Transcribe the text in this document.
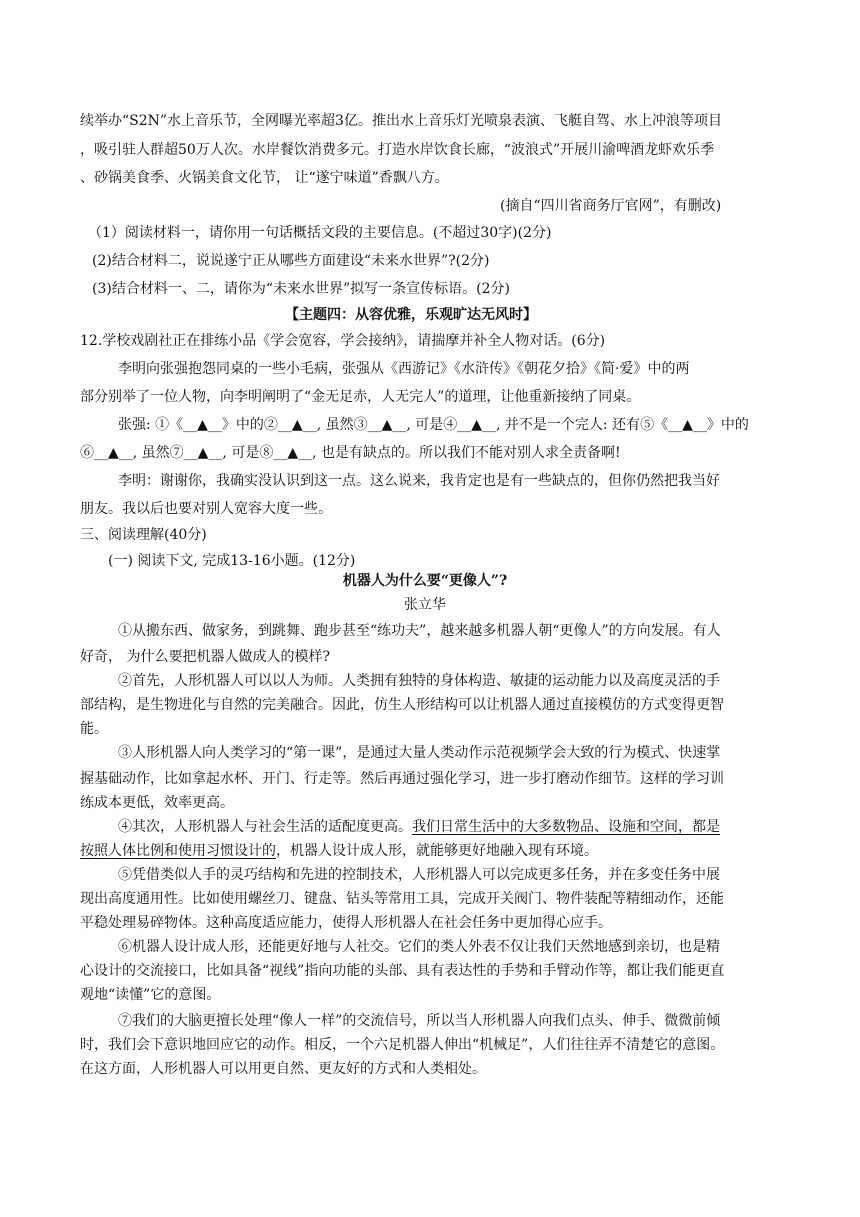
续举办“S2N”水上音乐节，全网曝光率超3亿。推出水上音乐灯光喷泉表演、飞艇自驾、水上冲浪等项目
，吸引驻人群超50万人次。水岸餐饮消费多元。打造水岸饮食长廊，“波浪式”开展川渝啤酒龙虾欢乐季
、砂锅美食季、火锅美食文化节， 让“遂宁味道”香飘八方。
(摘自“四川省商务厅官网”，有删改)
（1）阅读材料一，请你用一句话概括文段的主要信息。(不超过30字)(2分)
(2)结合材料二，说说遂宁正从哪些方面建设“未来水世界”?(2分)
(3)结合材料一、二，请你为“未来水世界”拟写一条宣传标语。(2分)
【主题四：从容优雅，乐观旷达无风时】
12.学校戏剧社正在排练小品《学会宽容，学会接纳》，请揣摩并补全人物对话。(6分)
李明向张强抱怨同桌的一些小毛病，张强从《西游记》《水浒传》《朝花夕拾》《简·爱》中的两
部分别举了一位人物，向李明阐明了“金无足赤，人无完人”的道理，让他重新接纳了同桌。
张强: ①《__▲__》中的②__▲__, 虽然③__▲__, 可是④__▲__, 并不是一个完人: 还有⑤《__▲__》中的
⑥__▲__, 虽然⑦__▲__, 可是⑧__▲__, 也是有缺点的。所以我们不能对别人求全责备啊!
李明：谢谢你，我确实没认识到这一点。这么说来，我肯定也是有一些缺点的，但你仍然把我当好
朋友。我以后也要对别人宽容大度一些。
三、阅读理解(40分)
(一) 阅读下文, 完成13-16小题。(12分)
机器人为什么要“更像人”?
张立华
①从搬东西、做家务，到跳舞、跑步甚至“练功夫”，越来越多机器人朝“更像人”的方向发展。有人
好奇， 为什么要把机器人做成人的模样?
②首先，人形机器人可以以人为师。人类拥有独特的身体构造、敏捷的运动能力以及高度灵活的手
部结构，是生物进化与自然的完美融合。因此，仿生人形结构可以让机器人通过直接模仿的方式变得更智
能。
③人形机器人向人类学习的“第一课”，是通过大量人类动作示范视频学会大致的行为模式、快速掌
握基础动作，比如拿起水杯、开门、行走等。然后再通过强化学习，进一步打磨动作细节。这样的学习训
练成本更低，效率更高。
④其次，人形机器人与社会生活的适配度更高。我们日常生活中的大多数物品、设施和空间，都是
按照人体比例和使用习惯设计的，机器人设计成人形，就能够更好地融入现有环境。
⑤凭借类似人手的灵巧结构和先进的控制技术，人形机器人可以完成更多任务，并在多变任务中展
现出高度通用性。比如使用螺丝刀、键盘、钻头等常用工具，完成开关阀门、物件装配等精细动作，还能
平稳处理易碎物体。这种高度适应能力，使得人形机器人在社会任务中更加得心应手。
⑥机器人设计成人形，还能更好地与人社交。它们的类人外表不仅让我们天然地感到亲切，也是精
心设计的交流接口，比如具备“视线”指向功能的头部、具有表达性的手势和手臂动作等，都让我们能更直
观地“读懂”它的意图。
⑦我们的大脑更擅长处理“像人一样”的交流信号，所以当人形机器人向我们点头、伸手、微微前倾
时，我们会下意识地回应它的动作。相反，一个六足机器人伸出“机械足”，人们往往弄不清楚它的意图。
在这方面，人形机器人可以用更自然、更友好的方式和人类相处。
